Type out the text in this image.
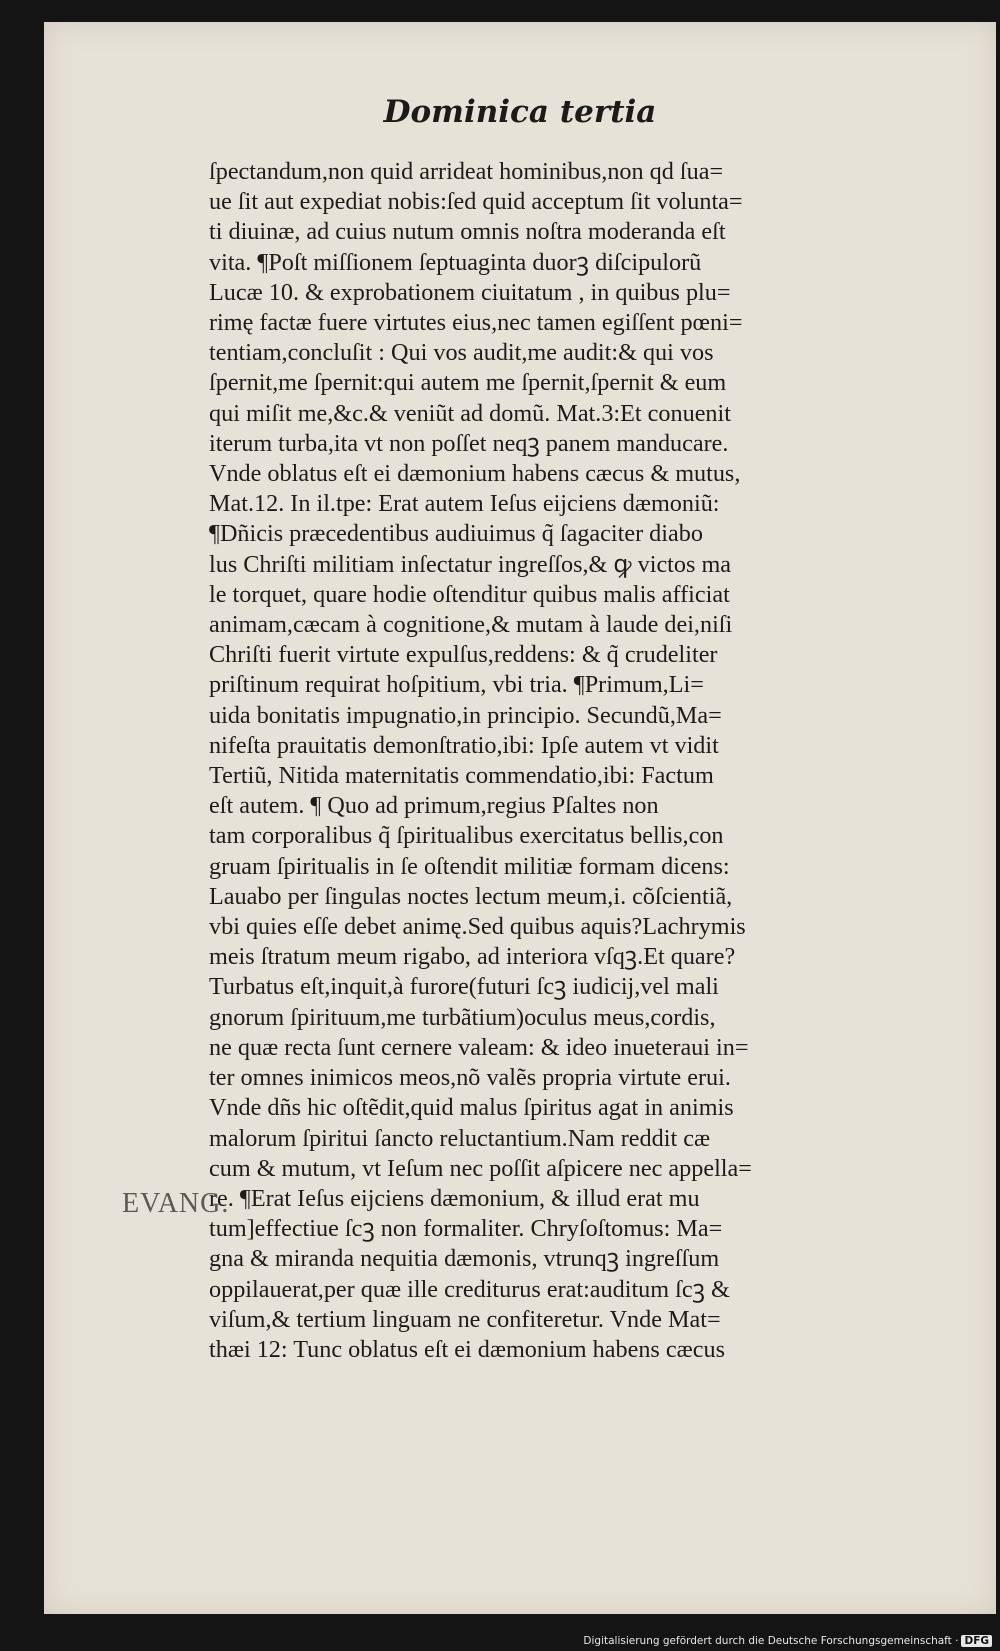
Dominica tertia
ſpectandum,non quid arrideat hominibus,non qd ſua=
ue ſit aut expediat nobis:ſed quid acceptum ſit volunta=
ti diuinæ, ad cuius nutum omnis noſtra moderanda eſt
vita. ¶Poſt miſſionem ſeptuaginta duorꝫ diſcipulorũ
Lucæ 10. & exprobationem ciuitatum , in quibus plu=
rimę factæ fuere virtutes eius,nec tamen egiſſent pœni=
tentiam,concluſit : Qui vos audit,me audit:& qui vos
ſpernit,me ſpernit:qui autem me ſpernit,ſpernit & eum
qui miſit me,&c.& veniũt ad domũ. Mat.3:Et conuenit
iterum turba,ita vt non poſſet neqꝫ panem manducare.
Vnde oblatus eſt ei dæmonium habens cæcus & mutus,
Mat.12. In il.tpe: Erat autem Ieſus eijciens dæmoniũ:
¶Dñicis præcedentibus audiuimus q̃ ſagaciter diabo
lus Chriſti militiam inſectatur ingreſſos,& ꝙ victos ma
le torquet, quare hodie oſtenditur quibus malis afficiat
animam,cæcam à cognitione,& mutam à laude dei,niſi
Chriſti fuerit virtute expulſus,reddens: & q̃ crudeliter
priſtinum requirat hoſpitium, vbi tria. ¶Primum,Li=
uida bonitatis impugnatio,in principio. Secundũ,Ma=
nifeſta prauitatis demonſtratio,ibi: Ipſe autem vt vidit
Tertiũ, Nitida maternitatis commendatio,ibi: Factum
eſt autem. ¶ Quo ad primum,regius Pſaltes non
tam corporalibus q̃ ſpiritualibus exercitatus bellis,con
gruam ſpiritualis in ſe oſtendit militiæ formam dicens:
Lauabo per ſingulas noctes lectum meum,i. cõſcientiã,
vbi quies eſſe debet animę.Sed quibus aquis?Lachrymis
meis ſtratum meum rigabo, ad interiora vſqꝫ.Et quare?
Turbatus eſt,inquit,à furore(futuri ſcꝫ iudicij,vel mali
gnorum ſpirituum,me turbãtium)oculus meus,cordis,
ne quæ recta ſunt cernere valeam: & ideo inueteraui in=
ter omnes inimicos meos,nõ valẽs propria virtute erui.
Vnde dñs hic oſtẽdit,quid malus ſpiritus agat in animis
malorum ſpiritui ſancto reluctantium.Nam reddit cæ
cum & mutum, vt Ieſum nec poſſit aſpicere nec appella=
re. ¶Erat Ieſus eijciens dæmonium, & illud erat mu
tum]effectiue ſcꝫ non formaliter. Chryſoſtomus: Ma=
gna & miranda nequitia dæmonis, vtrunqꝫ ingreſſum
oppilauerat,per quæ ille crediturus erat:auditum ſcꝫ &
viſum,& tertium linguam ne confiteretur. Vnde Mat=
thæi 12: Tunc oblatus eſt ei dæmonium habens cæcus
EVANG.
Digitalisierung gefördert durch die Deutsche Forschungsgemeinschaft · DFG
